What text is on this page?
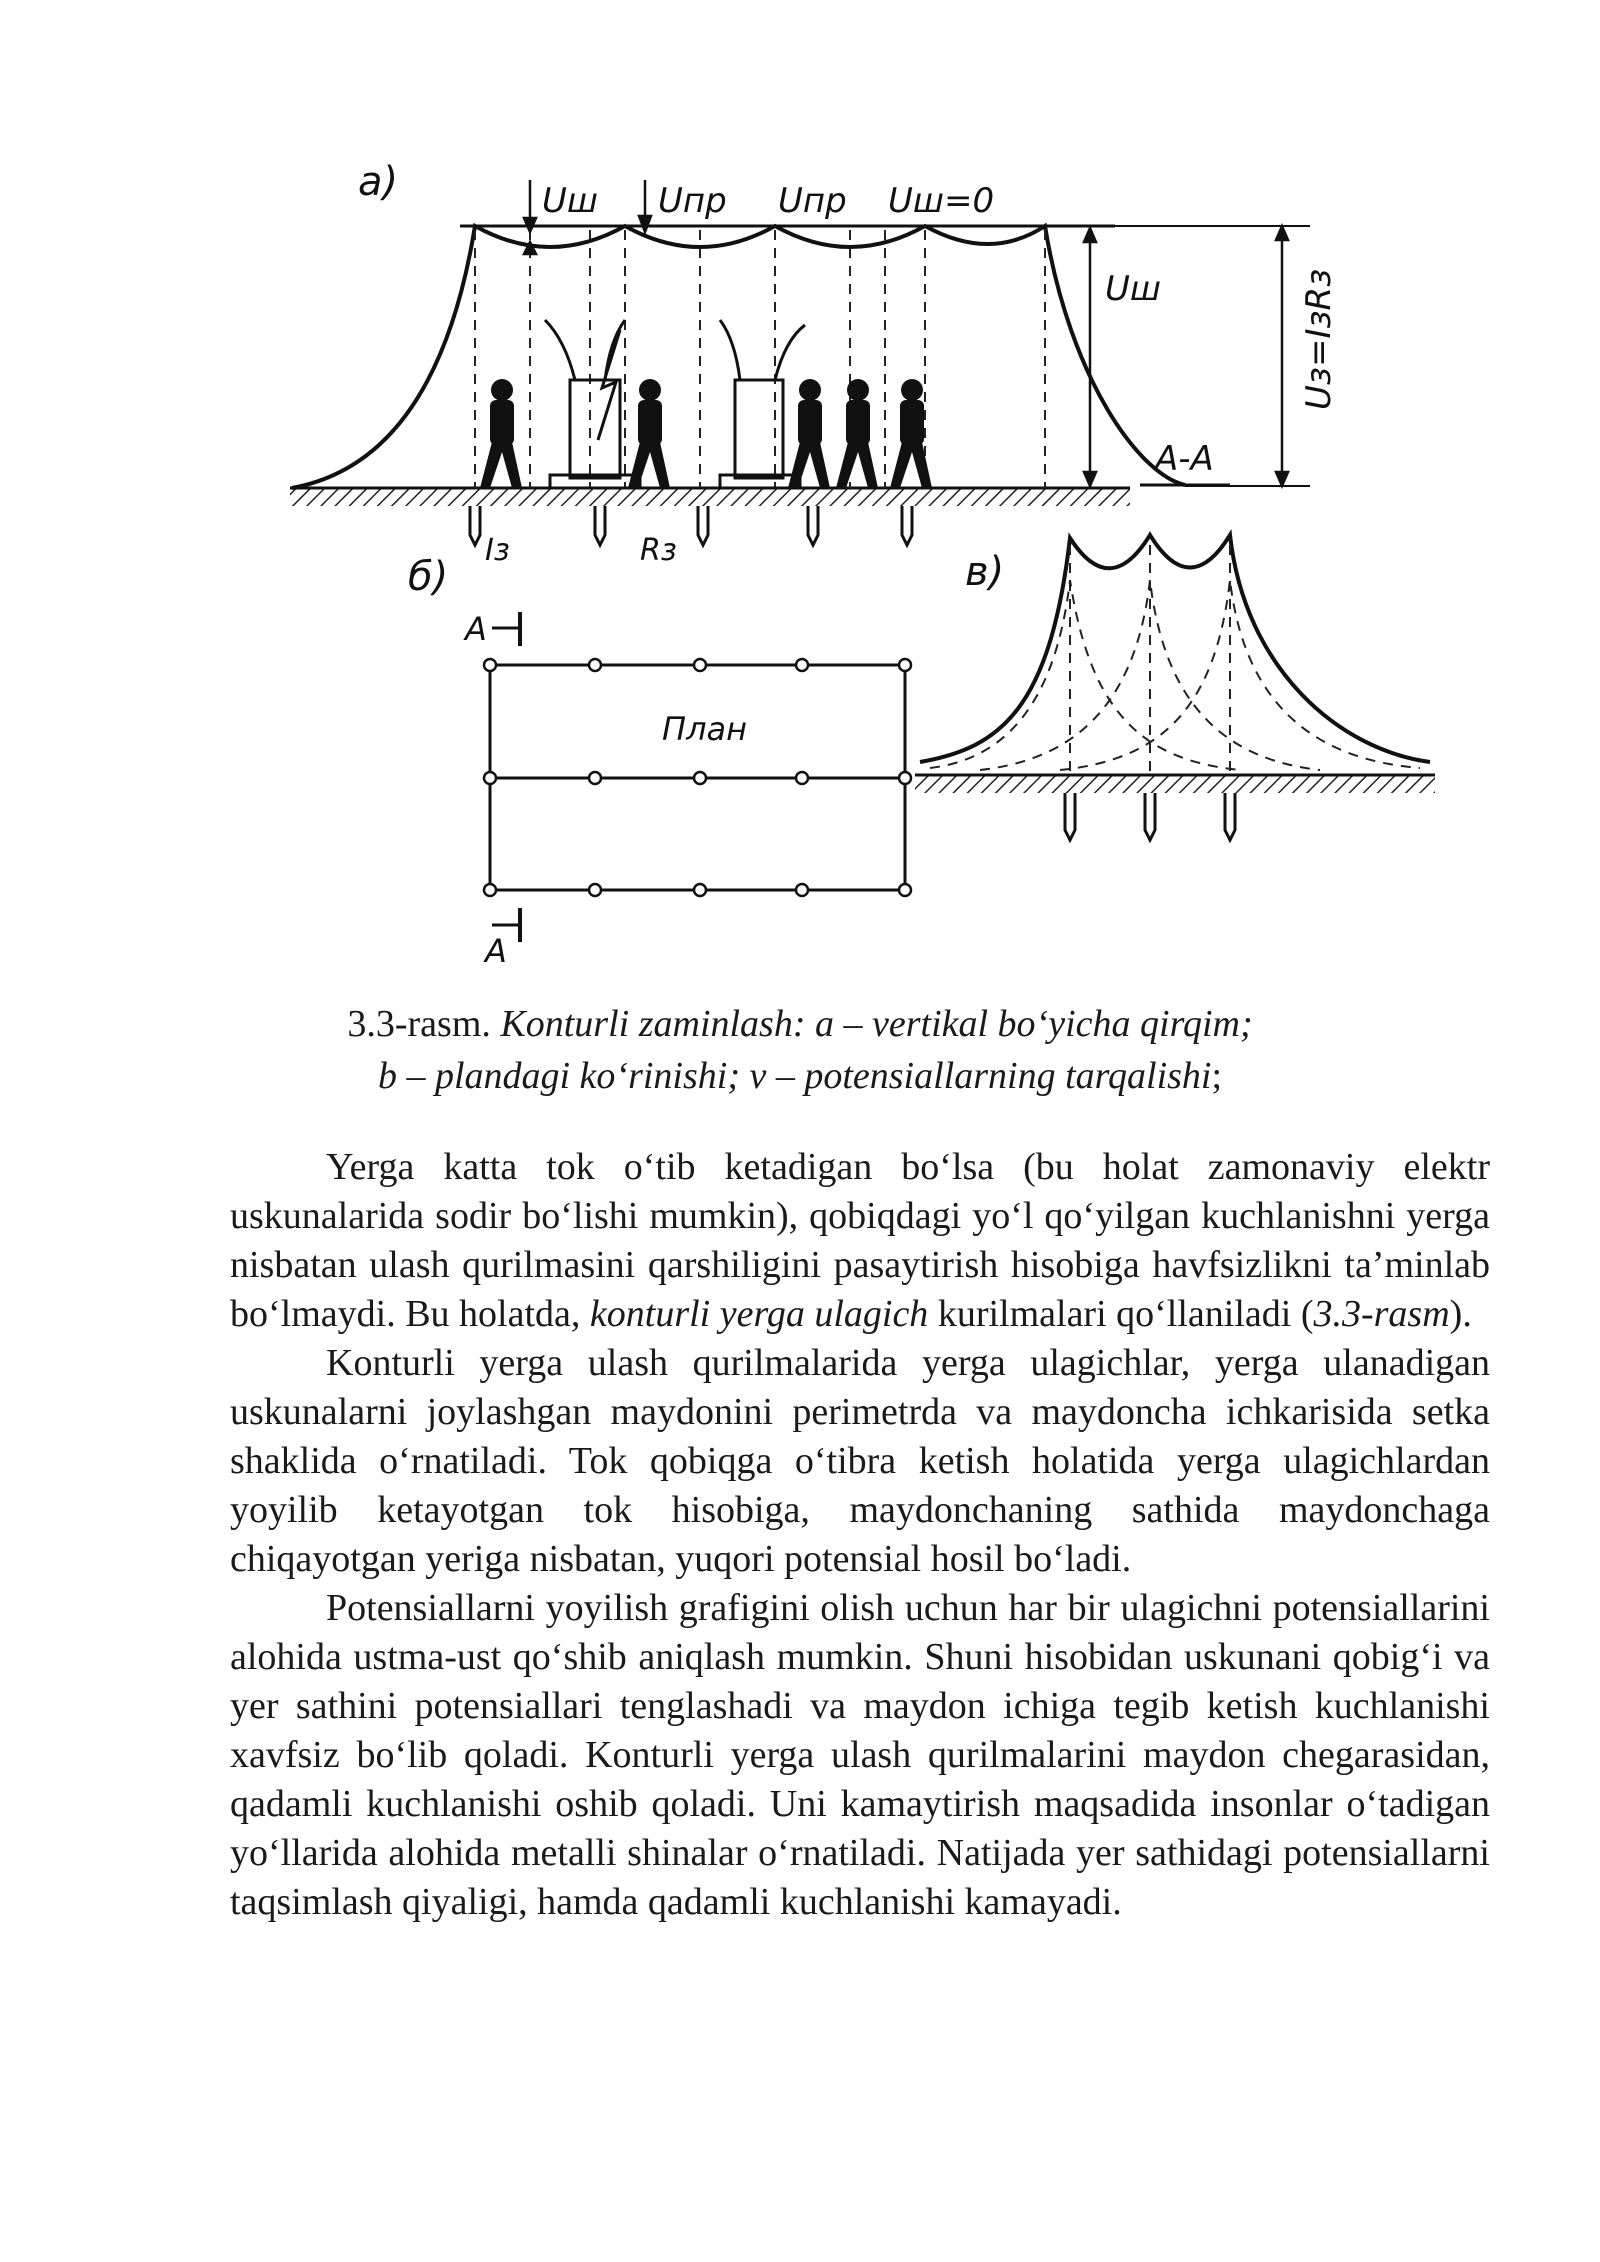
а)
б)	в)
Uш Uпр Uпр Uш=0
Uш	Uз=IзRз
А-А
Iз	Rз
А
План
А
3.3-rasm. Konturli zaminlash: a – vertikal bo‘yicha qirqim;
b – plandagi ko‘rinishi; v – potensiallarning tarqalishi;

Yerga katta tok o‘tib ketadigan bo‘lsa (bu holat zamonaviy elektr uskunalarida sodir bo‘lishi mumkin), qobiqdagi yo‘l qo‘yilgan kuchlanishni yerga nisbatan ulash qurilmasini qarshiligini pasaytirish hisobiga havfsizlikni ta’minlab bo‘lmaydi. Bu holatda, konturli yerga ulagich kurilmalari qo‘llaniladi (3.3-rasm).

Konturli yerga ulash qurilmalarida yerga ulagichlar, yerga ulanadigan uskunalarni joylashgan maydonini perimetrda va maydoncha ichkarisida setka shaklida o‘rnatiladi. Tok qobiqga o‘tibra ketish holatida yerga ulagichlardan yoyilib ketayotgan tok hisobiga, maydonchaning sathida maydonchaga chiqayotgan yeriga nisbatan, yuqori potensial hosil bo‘ladi.

Potensiallarni yoyilish grafigini olish uchun har bir ulagichni potensiallarini alohida ustma-ust qo‘shib aniqlash mumkin. Shuni hisobidan uskunani qobig‘i va yer sathini potensiallari tenglashadi va maydon ichiga tegib ketish kuchlanishi xavfsiz bo‘lib qoladi. Konturli yerga ulash qurilmalarini maydon chegarasidan, qadamli kuchlanishi oshib qoladi. Uni kamaytirish maqsadida insonlar o‘tadigan yo‘llarida alohida metalli shinalar o‘rnatiladi. Natijada yer sathidagi potensiallarni taqsimlash qiyaligi, hamda qadamli kuchlanishi kamayadi.
